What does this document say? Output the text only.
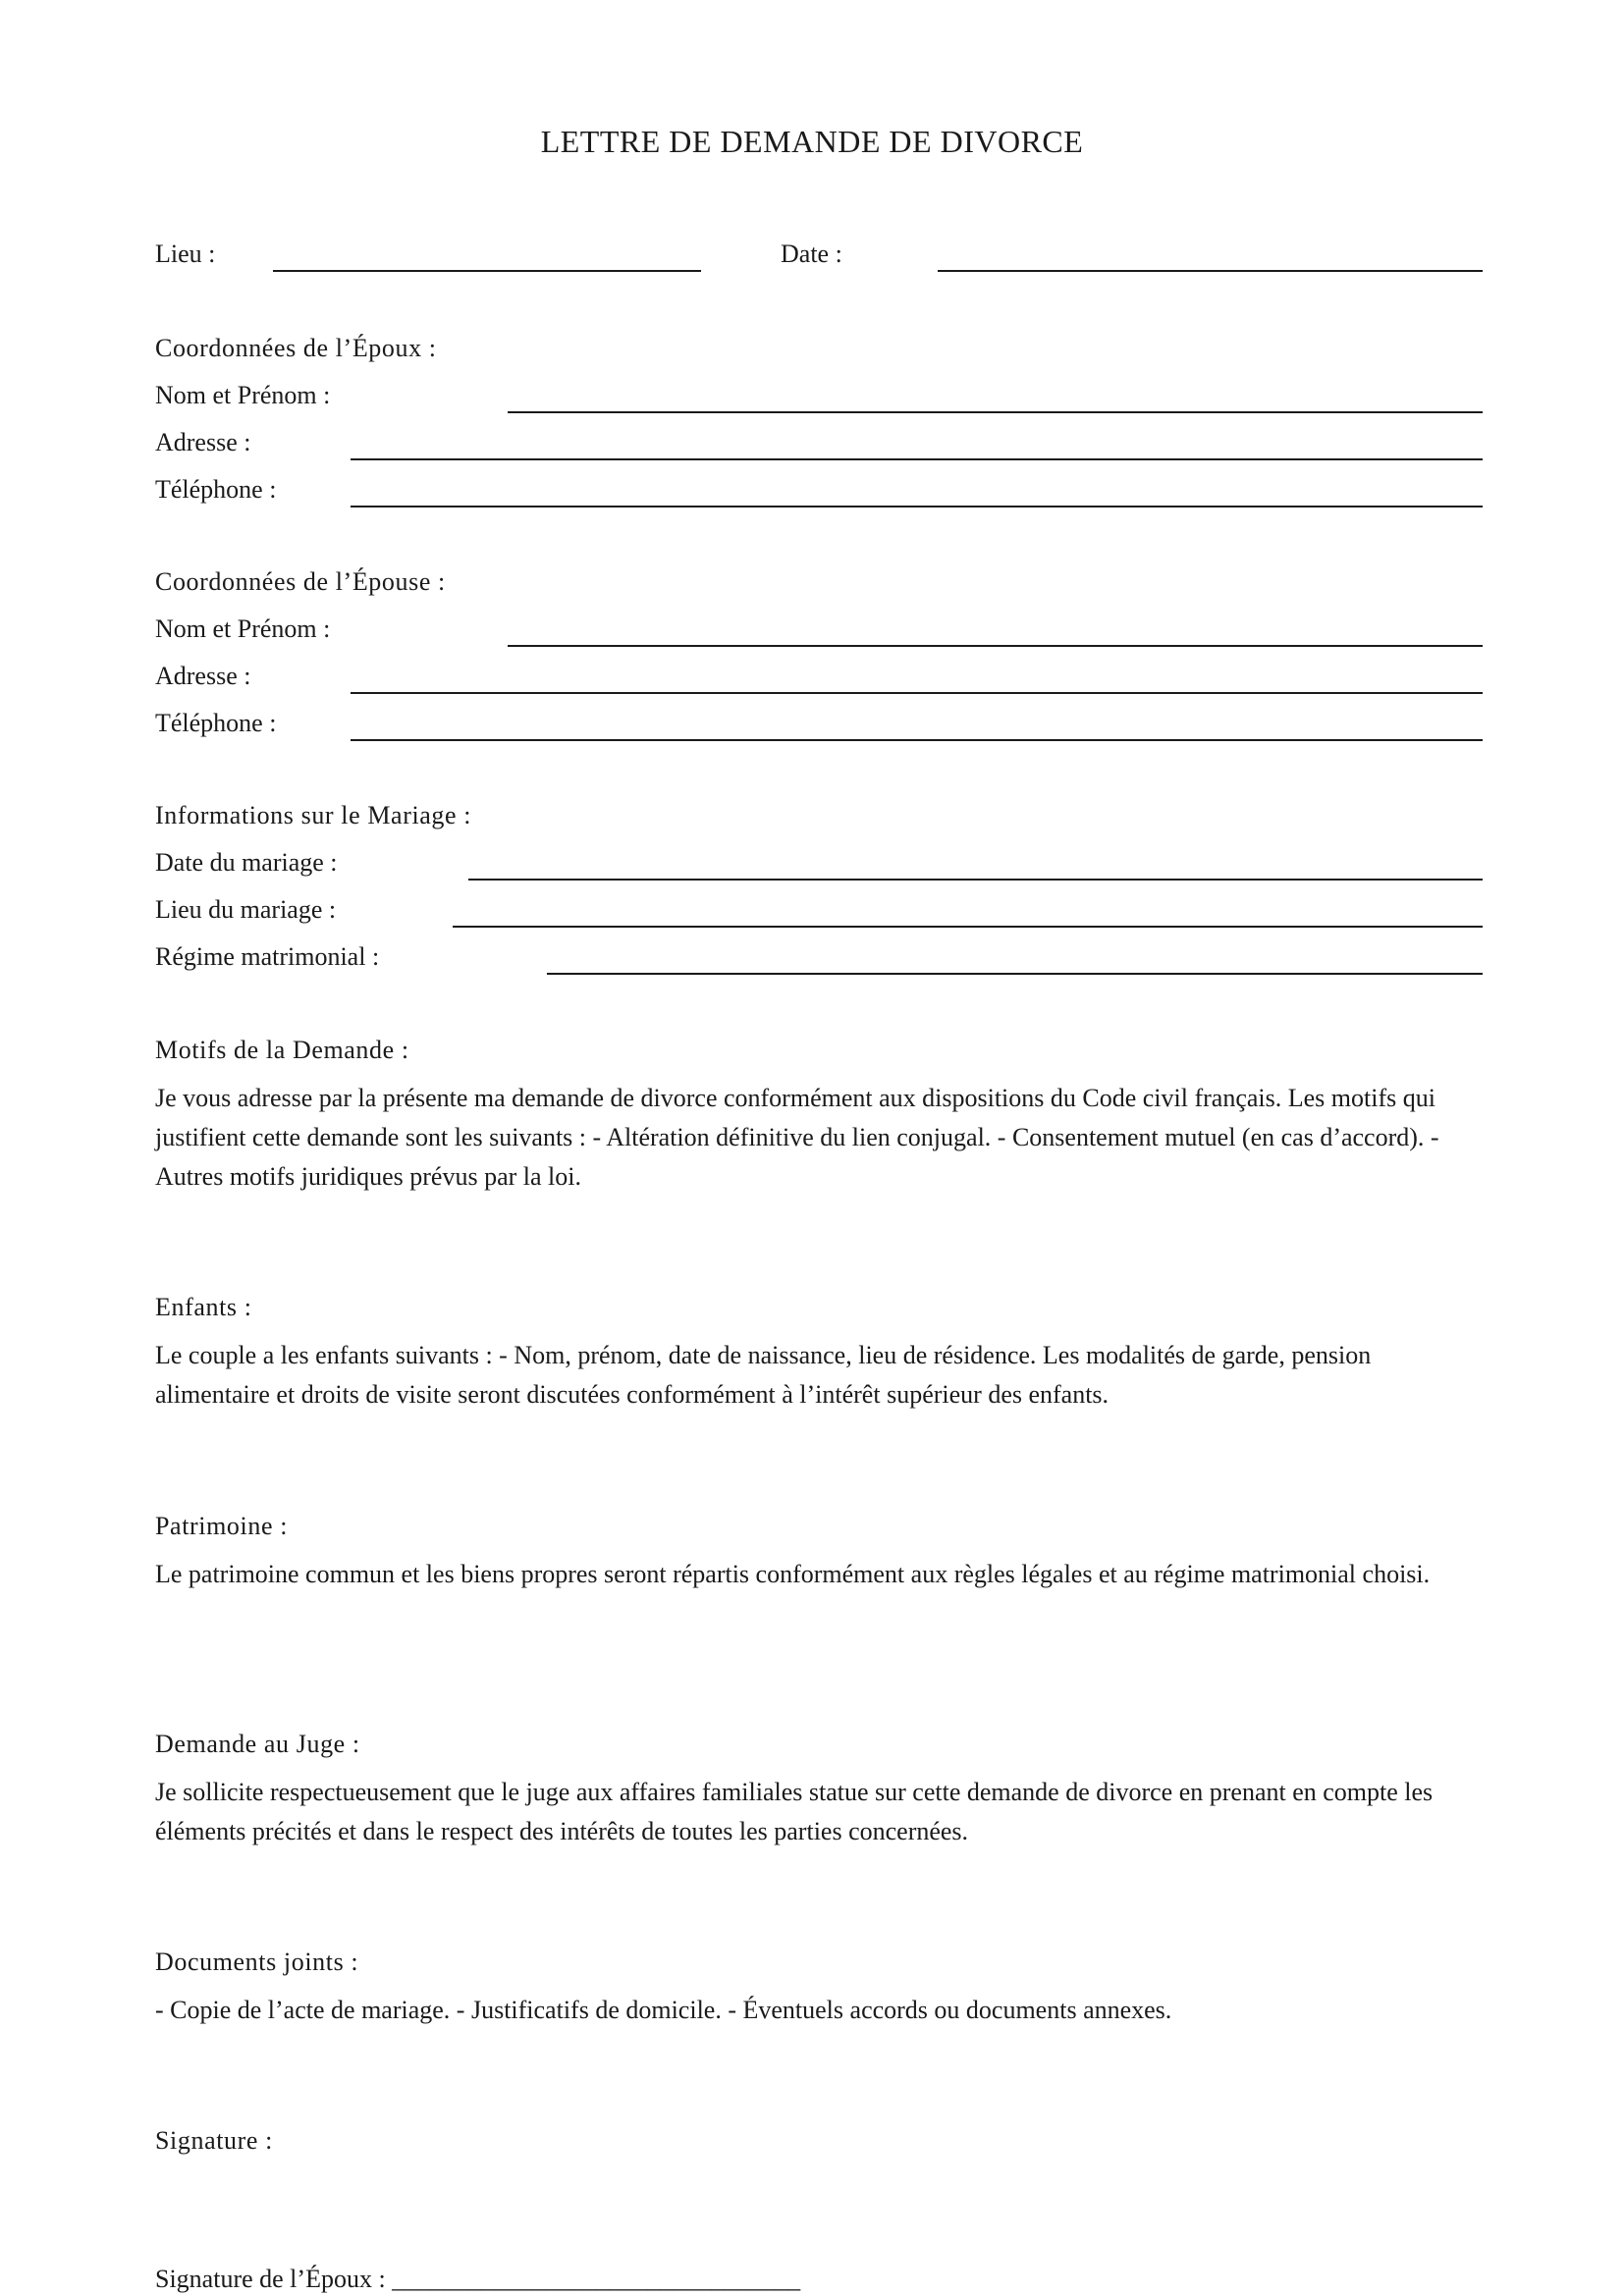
LETTRE DE DEMANDE DE DIVORCE
Lieu :	Date :
Coordonnées de l’Époux :
Nom et Prénom :
Adresse :
Téléphone :
Coordonnées de l’Épouse :
Nom et Prénom :
Adresse :
Téléphone :
Informations sur le Mariage :
Date du mariage :
Lieu du mariage :
Régime matrimonial :
Motifs de la Demande :
Je vous adresse par la présente ma demande de divorce conformément aux dispositions du Code civil français. Les motifs qui justifient cette demande sont les suivants : - Altération définitive du lien conjugal. - Consentement mutuel (en cas d’accord). - Autres motifs juridiques prévus par la loi.
Enfants :
Le couple a les enfants suivants : - Nom, prénom, date de naissance, lieu de résidence. Les modalités de garde, pension alimentaire et droits de visite seront discutées conformément à l’intérêt supérieur des enfants.
Patrimoine :
Le patrimoine commun et les biens propres seront répartis conformément aux règles légales et au régime matrimonial choisi.
Demande au Juge :
Je sollicite respectueusement que le juge aux affaires familiales statue sur cette demande de divorce en prenant en compte les éléments précités et dans le respect des intérêts de toutes les parties concernées.
Documents joints :
- Copie de l’acte de mariage. - Justificatifs de domicile. - Éventuels accords ou documents annexes.
Signature :
Signature de l’Époux : ________________________________
